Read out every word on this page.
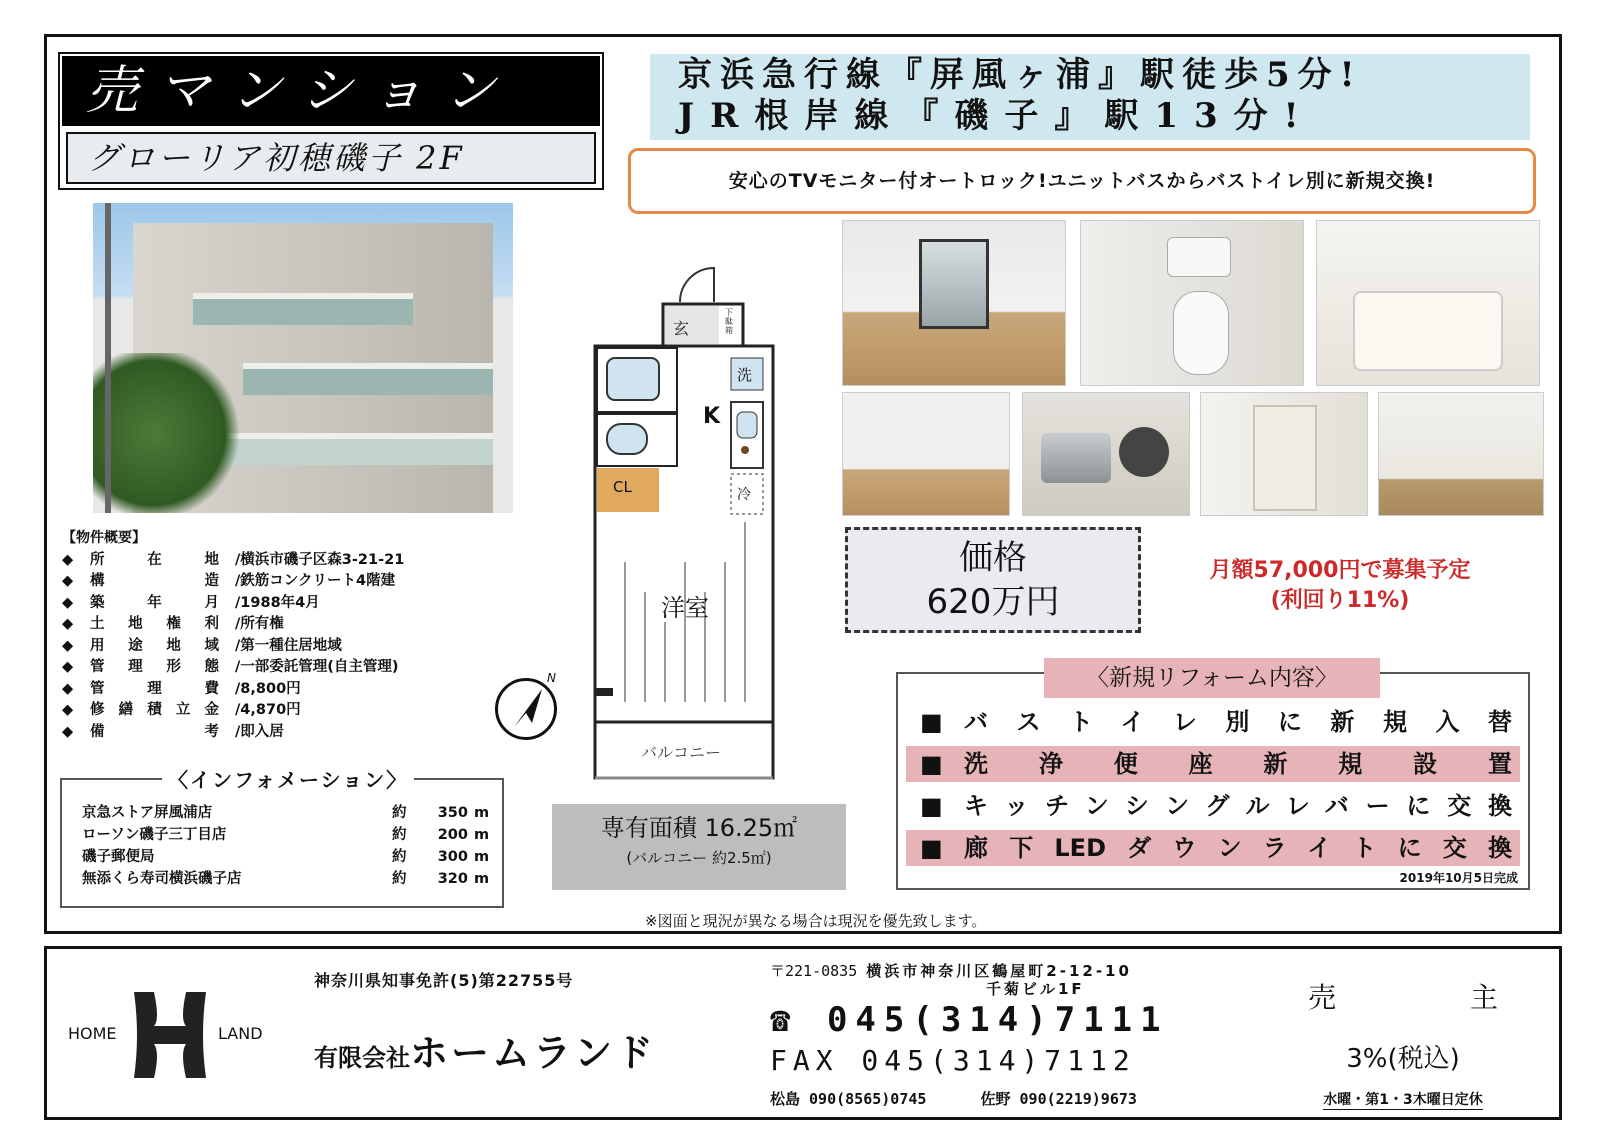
売マンション
グローリア初穂磯子 2F
京浜急行線『屏風ヶ浦』駅徒歩5分!
JR根岸線『磯子』駅13分!
安心のTVモニター付オートロック!ユニットバスからバストイレ別に新規交換!
【物件概要】
◆	所在地	/横浜市磯子区森3-21-21
◆	構造	/鉄筋コンクリート4階建
◆	築年月	/1988年4月
◆	土地権利	/所有権
◆	用途地域	/第一種住居地域
◆	管理形態	/一部委託管理(自主管理)
◆	管理費	/8,800円
◆	修繕積立金	/4,870円
◆	備考	/即入居
N
〈インフォメーション〉
京急ストア屏風浦店	約	350 m
ローソン磯子三丁目店	約	200 m
磯子郵便局	約	300 m
無添くら寿司横浜磯子店	約	320 m
玄
下駄箱
洗
K
CL	冷
洋室
バルコニー
専有面積 16.25㎡
(バルコニー 約2.5㎡)
価格
620万円
月額57,000円で募集予定
(利回り11%)
〈新規リフォーム内容〉
■ バストイレ別に新規入替
■ 洗浄便座新規設置
■ キッチンシングルレバーに交換
■ 廊下LEDダウンライトに交換
2019年10月5日完成
※図面と現況が異なる場合は現況を優先致します。
HOME	LAND
神奈川県知事免許(5)第22755号
有限会社ホームランド
〒221-0835 横浜市神奈川区鶴屋町2-12-10
千菊ビル1F
☎ 045(314)7111
FAX 045(314)7112
松島 090(8565)0745	佐野 090(2219)9673
売主
3%(税込)
水曜・第1・3木曜日定休
